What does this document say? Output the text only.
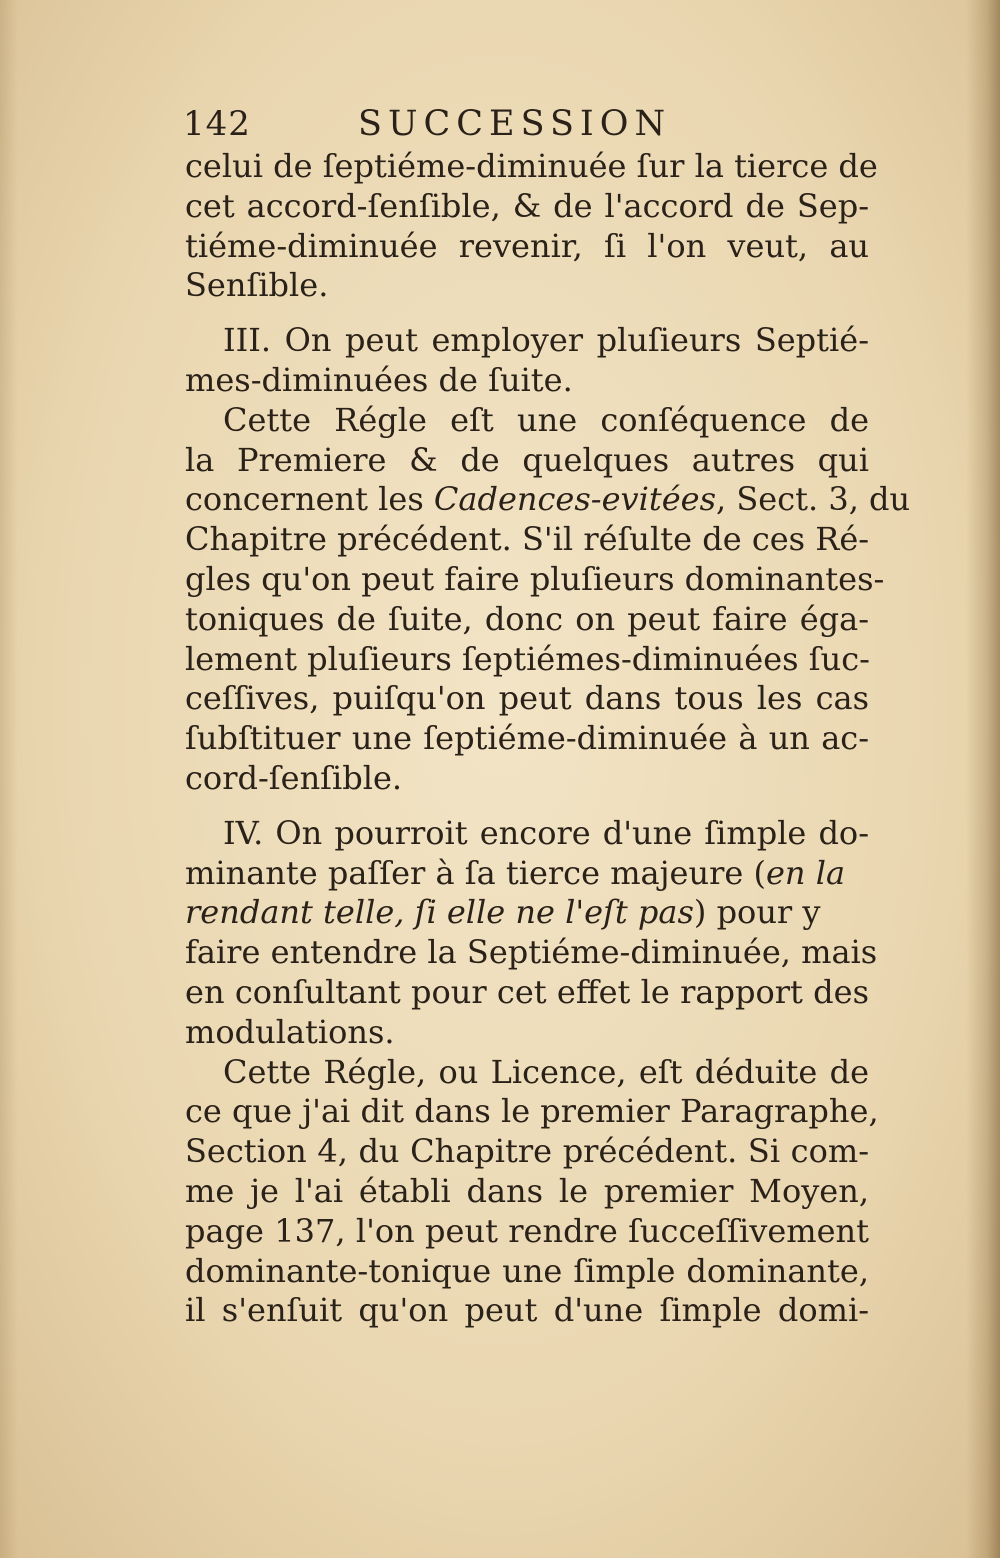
142	SUCCESSION
celui de ſeptiéme-diminuée ſur la tierce de
cet accord-ſenſible, & de l'accord de Sep-
tiéme-diminuée revenir, ſi l'on veut, au
Senſible.
III. On peut employer pluſieurs Septié-
mes-diminuées de ſuite.
Cette Régle eſt une conſéquence de
la Premiere & de quelques autres qui
concernent les Cadences-evitées, Sect. 3, du
Chapitre précédent. S'il réſulte de ces Ré-
gles qu'on peut faire pluſieurs dominantes-
toniques de ſuite, donc on peut faire éga-
lement pluſieurs ſeptiémes-diminuées ſuc-
ceſſives, puiſqu'on peut dans tous les cas
ſubſtituer une ſeptiéme-diminuée à un ac-
cord-ſenſible.
IV. On pourroit encore d'une ſimple do-
minante paſſer à ſa tierce majeure (en la
rendant telle, ſi elle ne l'eſt pas) pour y
faire entendre la Septiéme-diminuée, mais
en conſultant pour cet effet le rapport des
modulations.
Cette Régle, ou Licence, eſt déduite de
ce que j'ai dit dans le premier Paragraphe,
Section 4, du Chapitre précédent. Si com-
me je l'ai établi dans le premier Moyen,
page 137, l'on peut rendre ſucceſſivement
dominante-tonique une ſimple dominante,
il s'enſuit qu'on peut d'une ſimple domi-
